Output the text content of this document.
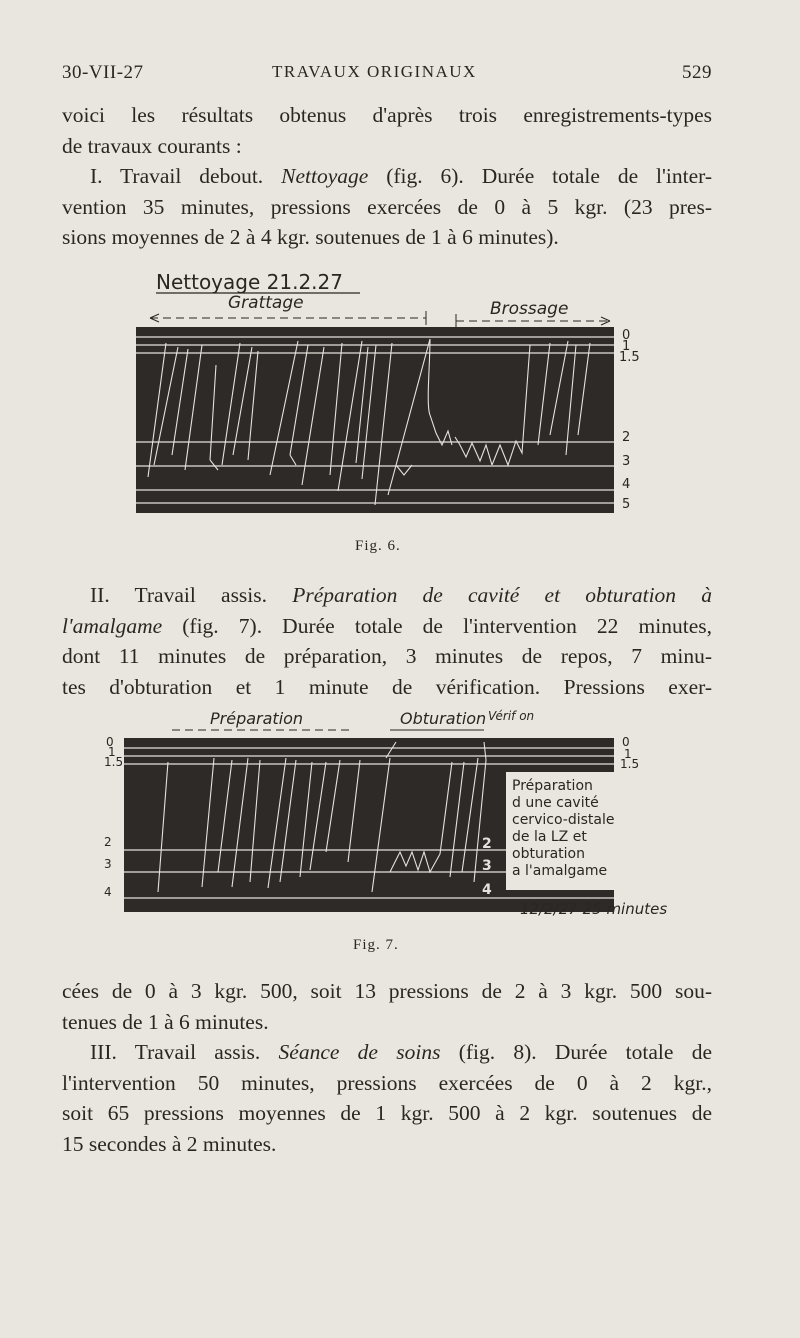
30-VII-27	TRAVAUX ORIGINAUX	529

voici les résultats obtenus d'après trois enregistrements-types
de travaux courants :

I. Travail debout. Nettoyage (fig. 6). Durée totale de l'inter-
vention 35 minutes, pressions exercées de 0 à 5 kgr. (23 pres-
sions moyennes de 2 à 4 kgr. soutenues de 1 à 6 minutes).

Nettoyage 21.2.27
Grattage	Brossage
0
1
1.5
2
3
4
5
Fig. 6.

II. Travail assis. Préparation de cavité et obturation à
l'amalgame (fig. 7). Durée totale de l'intervention 22 minutes,
dont 11 minutes de préparation, 3 minutes de repos, 7 minu-
tes d'obturation et 1 minute de vérification. Pressions exer-

Préparation	Obturation Vérif on
0
1
1.5
2
3
4
0
1
1.5
2
3
4
Préparation
d une cavité
cervico-distale
de la LZ et
obturation
a l'amalgame
12/2/27 25 minutes
Fig. 7.

cées de 0 à 3 kgr. 500, soit 13 pressions de 2 à 3 kgr. 500 sou-
tenues de 1 à 6 minutes.

III. Travail assis. Séance de soins (fig. 8). Durée totale de
l'intervention 50 minutes, pressions exercées de 0 à 2 kgr.,
soit 65 pressions moyennes de 1 kgr. 500 à 2 kgr. soutenues de
15 secondes à 2 minutes.
